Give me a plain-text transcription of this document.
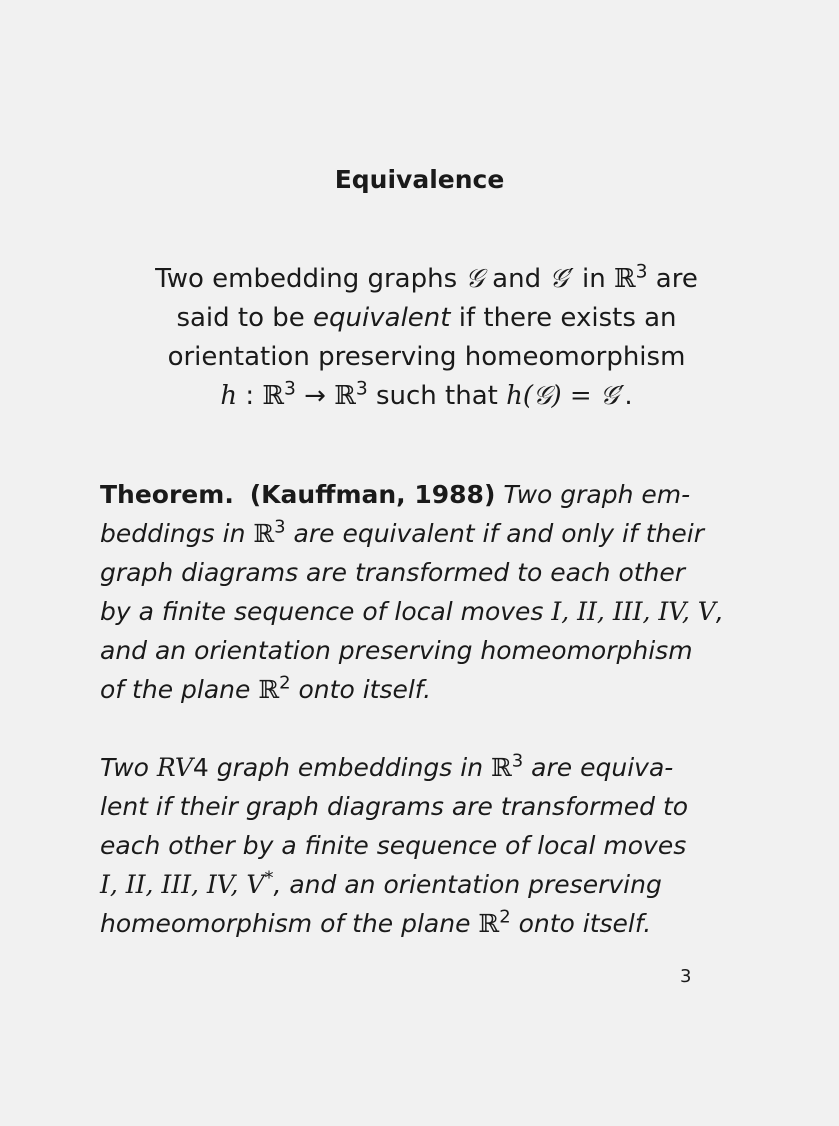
Equivalence
Two embedding graphs 𝒢 and 𝒢′ in ℝ$^3$ are
said to be equivalent if there exists an
orientation preserving homeomorphism
h : ℝ$^3$ → ℝ$^3$ such that h(𝒢) = 𝒢′.
Theorem. (Kauffman, 1988) Two graph em-
beddings in ℝ$^3$ are equivalent if and only if their
graph diagrams are transformed to each other
by a finite sequence of local moves I, II, III, IV, V,
and an orientation preserving homeomorphism
of the plane ℝ$^2$ onto itself.
Two RV4 graph embeddings in ℝ$^3$ are equiva-
lent if their graph diagrams are transformed to
each other by a finite sequence of local moves
I, II, III, IV, V*, and an orientation preserving
homeomorphism of the plane ℝ$^2$ onto itself.
3
